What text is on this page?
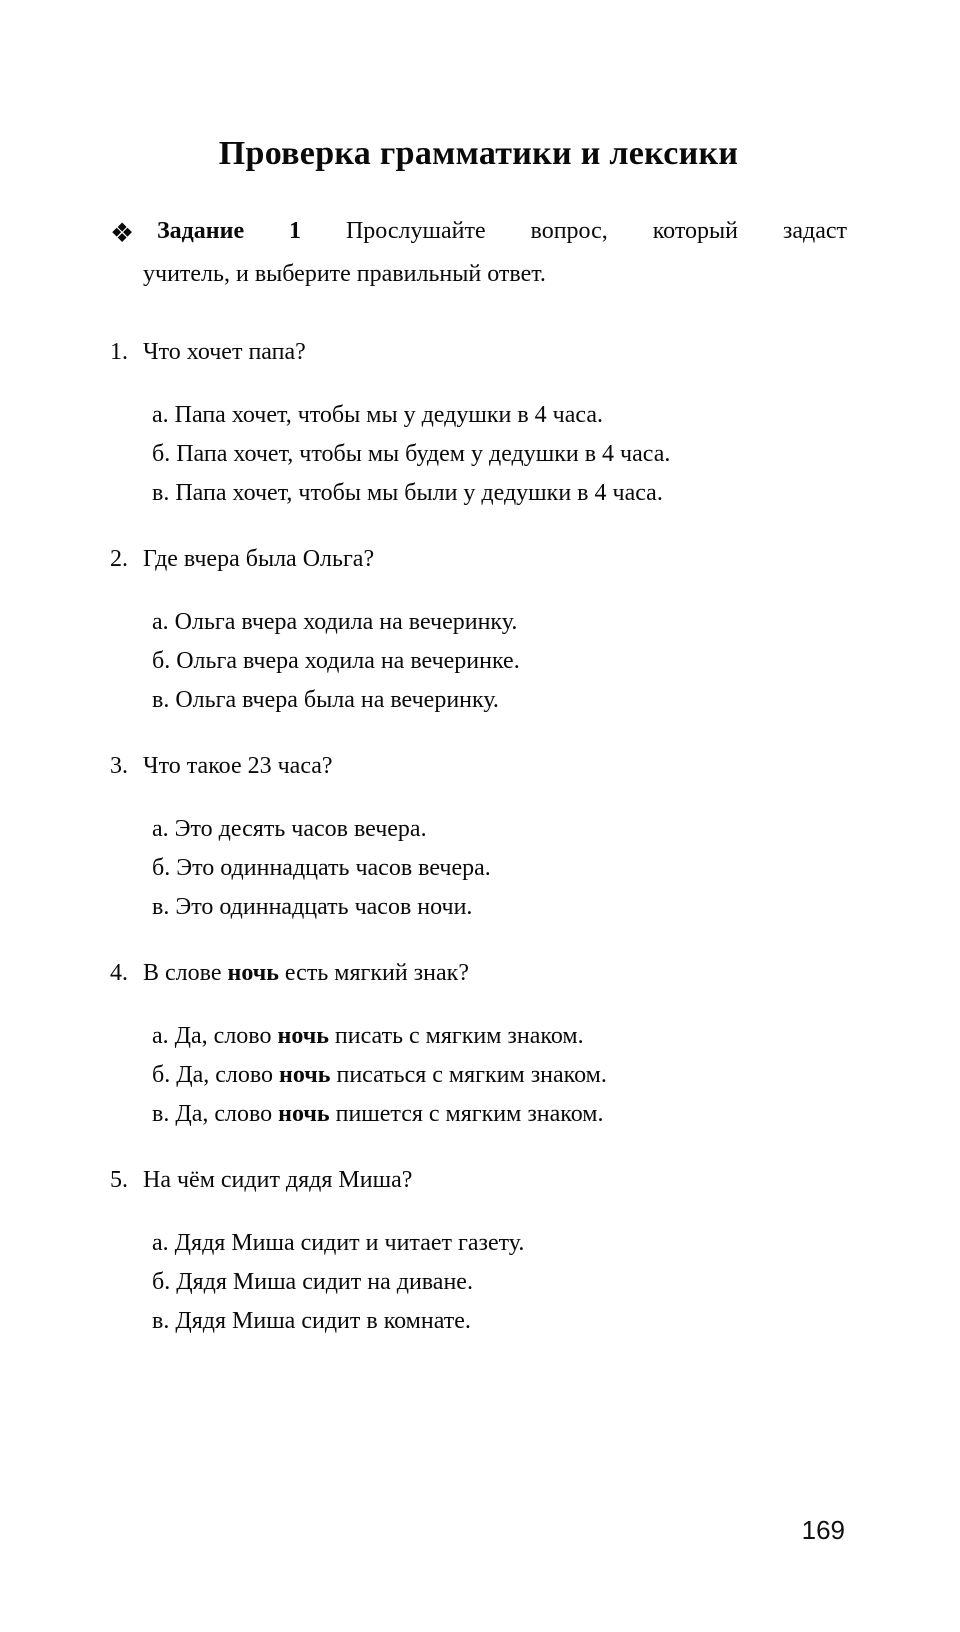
Проверка грамматики и лексики
❖ Задание 1 Прослушайте вопрос, который задаст
учитель, и выберите правильный ответ.
1. Что хочет папа?
а. Папа хочет, чтобы мы у дедушки в 4 часа.
б. Папа хочет, чтобы мы будем у дедушки в 4 часа.
в. Папа хочет, чтобы мы были у дедушки в 4 часа.
2. Где вчера была Ольга?
а. Ольга вчера ходила на вечеринку.
б. Ольга вчера ходила на вечеринке.
в. Ольга вчера была на вечеринку.
3. Что такое 23 часа?
а. Это десять часов вечера.
б. Это одиннадцать часов вечера.
в. Это одиннадцать часов ночи.
4. В слове ночь есть мягкий знак?
а. Да, слово ночь писать с мягким знаком.
б. Да, слово ночь писаться с мягким знаком.
в. Да, слово ночь пишется с мягким знаком.
5. На чём сидит дядя Миша?
а. Дядя Миша сидит и читает газету.
б. Дядя Миша сидит на диване.
в. Дядя Миша сидит в комнате.
169
